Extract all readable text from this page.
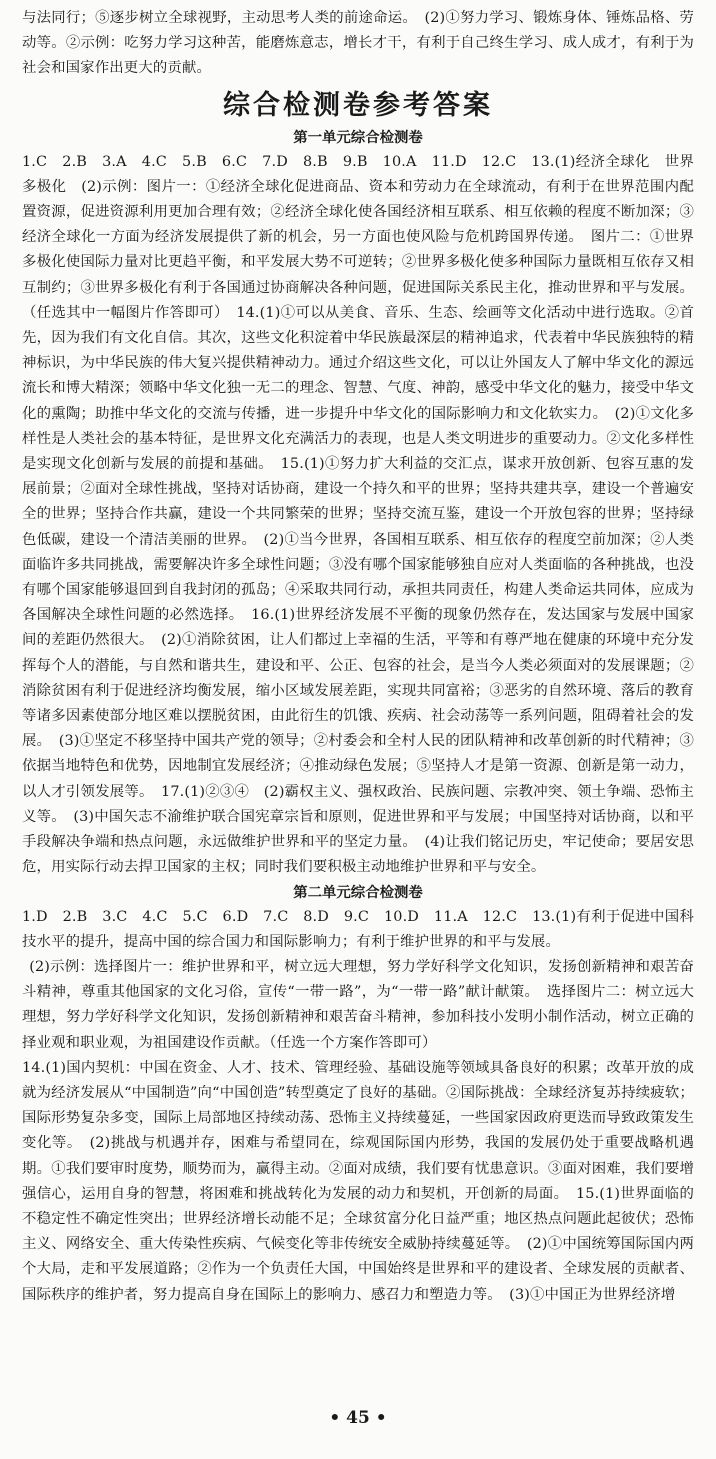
与法同行；⑤逐步树立全球视野，主动思考人类的前途命运。　(2)①努力学习、锻炼身体、锤炼品格、劳动等。②示例：吃努力学习这种苦，能磨炼意志，增长才干，有利于自己终生学习、成人成才，有利于为社会和国家作出更大的贡献。

综合检测卷参考答案
第一单元综合检测卷

1.C　2.B　3.A　4.C　5.B　6.C　7.D　8.B　9.B　10.A　11.D　12.C　13.(1)经济全球化　世界多极化　(2)示例：图片一：①经济全球化促进商品、资本和劳动力在全球流动，有利于在世界范围内配置资源，促进资源利用更加合理有效；②经济全球化使各国经济相互联系、相互依赖的程度不断加深；③经济全球化一方面为经济发展提供了新的机会，另一方面也使风险与危机跨国界传递。　图片二：①世界多极化使国际力量对比更趋平衡，和平发展大势不可逆转；②世界多极化使多种国际力量既相互依存又相互制约；③世界多极化有利于各国通过协商解决各种问题，促进国际关系民主化，推动世界和平与发展。（任选其中一幅图片作答即可）　14.(1)①可以从美食、音乐、生态、绘画等文化活动中进行选取。②首先，因为我们有文化自信。其次，这些文化积淀着中华民族最深层的精神追求，代表着中华民族独特的精神标识，为中华民族的伟大复兴提供精神动力。通过介绍这些文化，可以让外国友人了解中华文化的源远流长和博大精深；领略中华文化独一无二的理念、智慧、气度、神韵，感受中华文化的魅力，接受中华文化的熏陶；助推中华文化的交流与传播，进一步提升中华文化的国际影响力和文化软实力。　(2)①文化多样性是人类社会的基本特征，是世界文化充满活力的表现，也是人类文明进步的重要动力。②文化多样性是实现文化创新与发展的前提和基础。　15.(1)①努力扩大利益的交汇点，谋求开放创新、包容互惠的发展前景；②面对全球性挑战，坚持对话协商，建设一个持久和平的世界；坚持共建共享，建设一个普遍安全的世界；坚持合作共赢，建设一个共同繁荣的世界；坚持交流互鉴，建设一个开放包容的世界；坚持绿色低碳，建设一个清洁美丽的世界。　(2)①当今世界，各国相互联系、相互依存的程度空前加深；②人类面临许多共同挑战，需要解决许多全球性问题；③没有哪个国家能够独自应对人类面临的各种挑战，也没有哪个国家能够退回到自我封闭的孤岛；④采取共同行动，承担共同责任，构建人类命运共同体，应成为各国解决全球性问题的必然选择。　16.(1)世界经济发展不平衡的现象仍然存在，发达国家与发展中国家间的差距仍然很大。　(2)①消除贫困，让人们都过上幸福的生活，平等和有尊严地在健康的环境中充分发挥每个人的潜能，与自然和谐共生，建设和平、公正、包容的社会，是当今人类必须面对的发展课题；②消除贫困有利于促进经济均衡发展，缩小区域发展差距，实现共同富裕；③恶劣的自然环境、落后的教育等诸多因素使部分地区难以摆脱贫困，由此衍生的饥饿、疾病、社会动荡等一系列问题，阻碍着社会的发展。　(3)①坚定不移坚持中国共产党的领导；②村委会和全村人民的团队精神和改革创新的时代精神；③依据当地特色和优势，因地制宜发展经济；④推动绿色发展；⑤坚持人才是第一资源、创新是第一动力，以人才引领发展等。　17.(1)②③④　(2)霸权主义、强权政治、民族问题、宗教冲突、领土争端、恐怖主义等。　(3)中国矢志不渝维护联合国宪章宗旨和原则，促进世界和平与发展；中国坚持对话协商，以和平手段解决争端和热点问题，永远做维护世界和平的坚定力量。　(4)让我们铭记历史，牢记使命；要居安思危，用实际行动去捍卫国家的主权；同时我们要积极主动地维护世界和平与安全。

第二单元综合检测卷

1.D　2.B　3.C　4.C　5.C　6.D　7.C　8.D　9.C　10.D　11.A　12.C　13.(1)有利于促进中国科技水平的提升，提高中国的综合国力和国际影响力；有利于维护世界的和平与发展。

(2)示例：选择图片一：维护世界和平，树立远大理想，努力学好科学文化知识，发扬创新精神和艰苦奋斗精神，尊重其他国家的文化习俗，宣传“一带一路”，为“一带一路”献计献策。　选择图片二：树立远大理想，努力学好科学文化知识，发扬创新精神和艰苦奋斗精神，参加科技小发明小制作活动，树立正确的择业观和职业观，为祖国建设作贡献。（任选一个方案作答即可）

14.(1)国内契机：中国在资金、人才、技术、管理经验、基础设施等领域具备良好的积累；改革开放的成就为经济发展从“中国制造”向“中国创造”转型奠定了良好的基础。②国际挑战：全球经济复苏持续疲软；国际形势复杂多变，国际上局部地区持续动荡、恐怖主义持续蔓延，一些国家因政府更迭而导致政策发生变化等。　(2)挑战与机遇并存，困难与希望同在，综观国际国内形势，我国的发展仍处于重要战略机遇期。①我们要审时度势，顺势而为，赢得主动。②面对成绩，我们要有忧患意识。③面对困难，我们要增强信心，运用自身的智慧，将困难和挑战转化为发展的动力和契机，开创新的局面。　15.(1)世界面临的不稳定性不确定性突出；世界经济增长动能不足；全球贫富分化日益严重；地区热点问题此起彼伏；恐怖主义、网络安全、重大传染性疾病、气候变化等非传统安全威胁持续蔓延等。　(2)①中国统筹国际国内两个大局，走和平发展道路；②作为一个负责任大国，中国始终是世界和平的建设者、全球发展的贡献者、国际秩序的维护者，努力提高自身在国际上的影响力、感召力和塑造力等。　(3)①中国正为世界经济增

• 45 •
